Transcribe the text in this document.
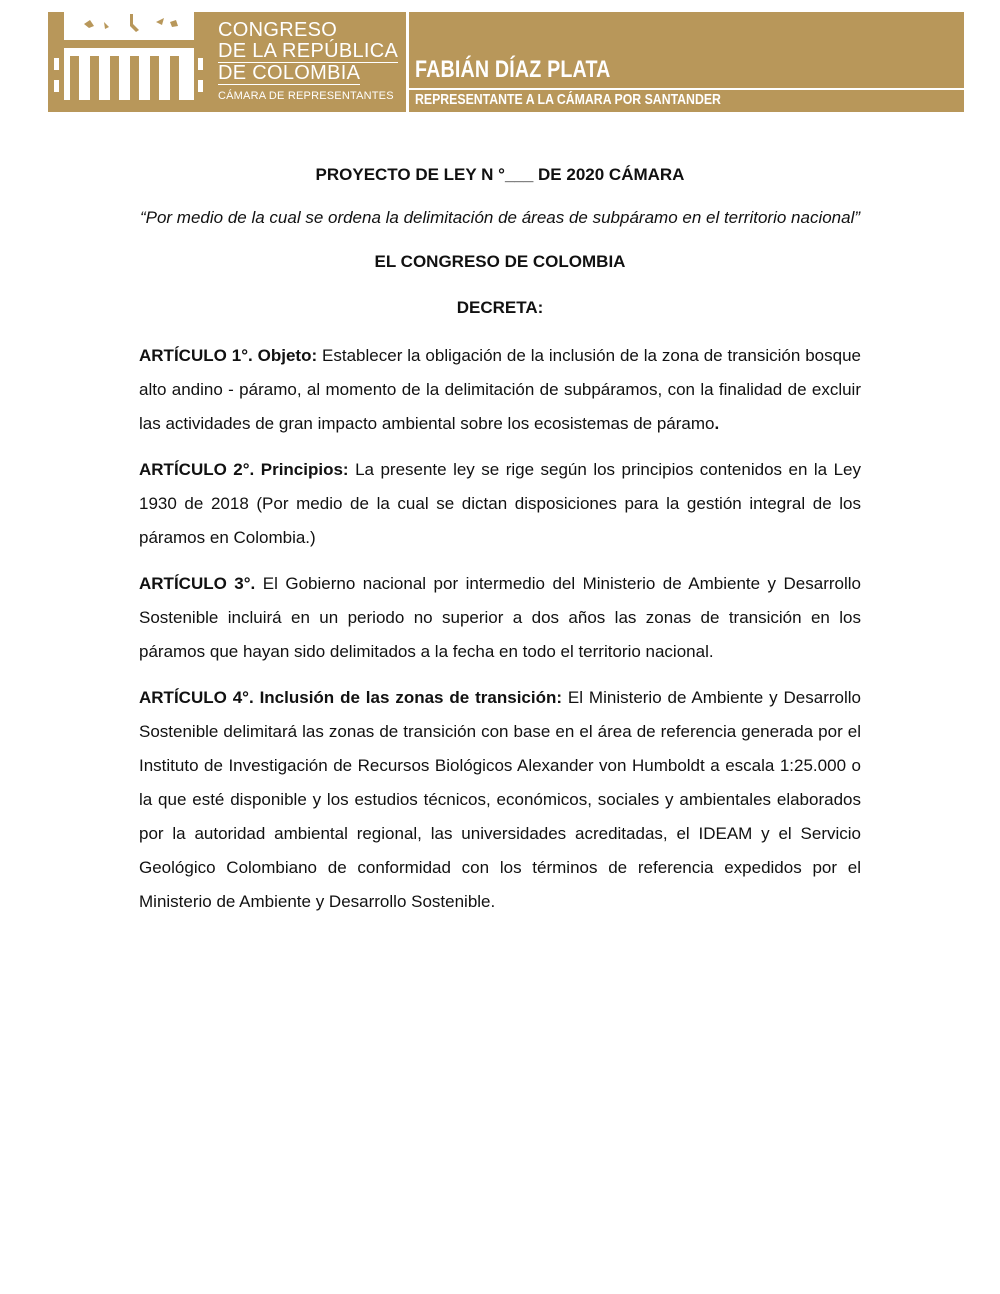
CONGRESO
DE LA REPÚBLICA DE COLOMBIA
CÁMARA DE REPRESENTANTES
FABIÁN DÍAZ PLATA
REPRESENTANTE A LA CÁMARA POR SANTANDER

PROYECTO DE LEY N °___ DE 2020 CÁMARA

“Por medio de la cual se ordena la delimitación de áreas de subpáramo en el territorio nacional”

EL CONGRESO DE COLOMBIA

DECRETA:

ARTÍCULO 1°. Objeto: Establecer la obligación de la inclusión de la zona de transición bosque alto andino - páramo, al momento de la delimitación de subpáramos, con la finalidad de excluir las actividades de gran impacto ambiental sobre los ecosistemas de páramo.

ARTÍCULO 2°. Principios: La presente ley se rige según los principios contenidos en la Ley 1930 de 2018 (Por medio de la cual se dictan disposiciones para la gestión integral de los páramos en Colombia.)

ARTÍCULO 3°. El Gobierno nacional por intermedio del Ministerio de Ambiente y Desarrollo Sostenible incluirá en un periodo no superior a dos años las zonas de transición en los páramos que hayan sido delimitados a la fecha en todo el territorio nacional.

ARTÍCULO 4°. Inclusión de las zonas de transición: El Ministerio de Ambiente y Desarrollo Sostenible delimitará las zonas de transición con base en el área de referencia generada por el Instituto de Investigación de Recursos Biológicos Alexander von Humboldt a escala 1:25.000 o la que esté disponible y los estudios técnicos, económicos, sociales y ambientales elaborados por la autoridad ambiental regional, las universidades acreditadas, el IDEAM y el Servicio Geológico Colombiano de conformidad con los términos de referencia expedidos por el Ministerio de Ambiente y Desarrollo Sostenible.
